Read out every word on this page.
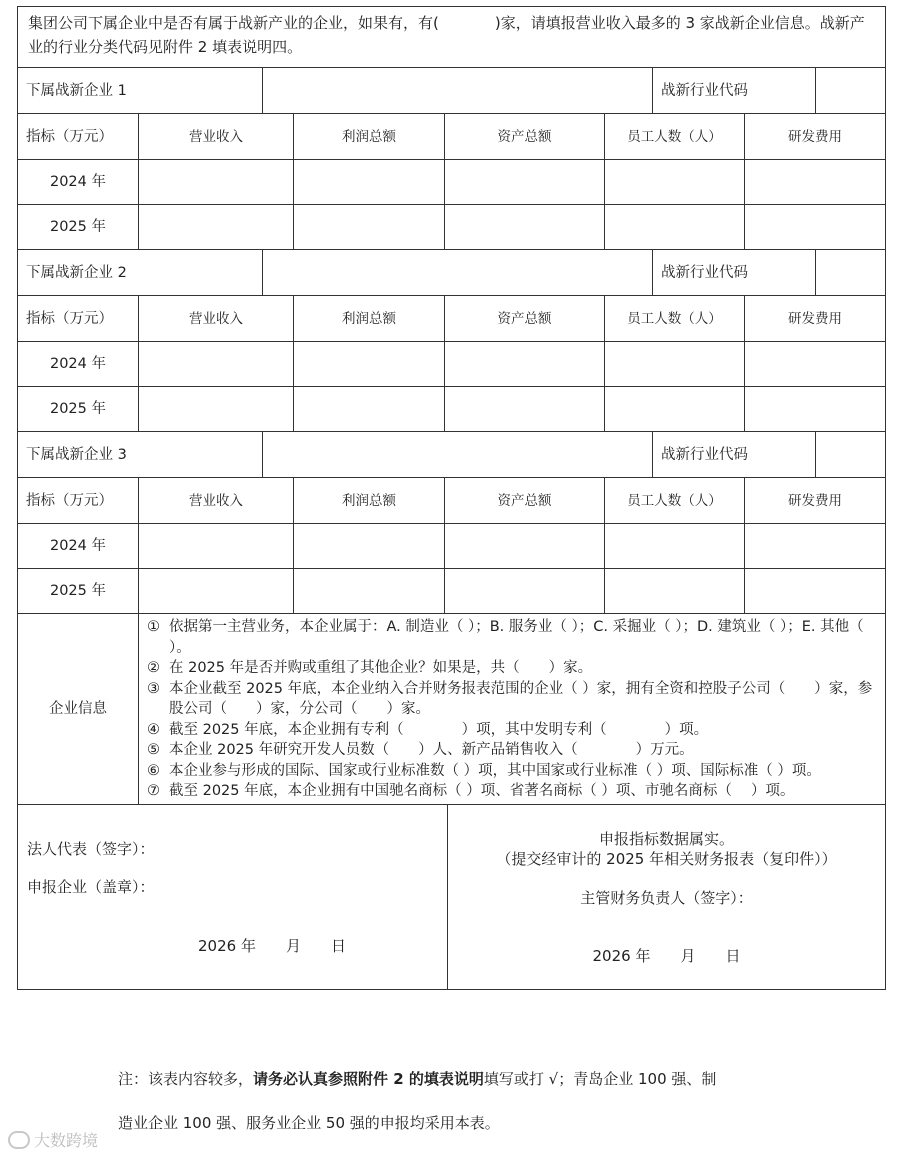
集团公司下属企业中是否有属于战新产业的企业，如果有，有(	)家，请填报营业收入最多的 3 家战新企业信息。战新产业的行业分类代码见附件 2 填表说明四。
下属战新企业 1	战新行业代码
指标（万元）	营业收入	利润总额	资产总额	员工人数（人）	研发费用
2024 年
2025 年
下属战新企业 2	战新行业代码
指标（万元）	营业收入	利润总额	资产总额	员工人数（人）	研发费用
2024 年
2025 年
下属战新企业 3	战新行业代码
指标（万元）	营业收入	利润总额	资产总额	员工人数（人）	研发费用
2024 年
2025 年
企业信息
① 依据第一主营业务，本企业属于：A. 制造业（ ）；B. 服务业（ ）；C. 采掘业（ ）；D. 建筑业（ ）；E. 其他（ ）。
② 在 2025 年是否并购或重组了其他企业？如果是，共（　　）家。
③ 本企业截至 2025 年底，本企业纳入合并财务报表范围的企业（ ）家，拥有全资和控股子公司（　　）家，参股公司（　　）家，分公司（　　）家。
④ 截至 2025 年底，本企业拥有专利（　　　　）项，其中发明专利（　　　　）项。
⑤ 本企业 2025 年研究开发人员数（　　）人、新产品销售收入（　　　　）万元。
⑥ 本企业参与形成的国际、国家或行业标准数（ ）项，其中国家或行业标准（ ）项、国际标准（ ）项。
⑦ 截至 2025 年底，本企业拥有中国驰名商标（ ）项、省著名商标（ ）项、市驰名商标（　 ）项。
法人代表（签字）：
申报企业（盖章）：
2026 年　　月　　日
申报指标数据属实。
（提交经审计的 2025 年相关财务报表（复印件））
主管财务负责人（签字）：
2026 年　　月　　日
注：该表内容较多，请务必认真参照附件 2 的填表说明填写或打 √；青岛企业 100 强、制
造业企业 100 强、服务业企业 50 强的申报均采用本表。
大数跨境
